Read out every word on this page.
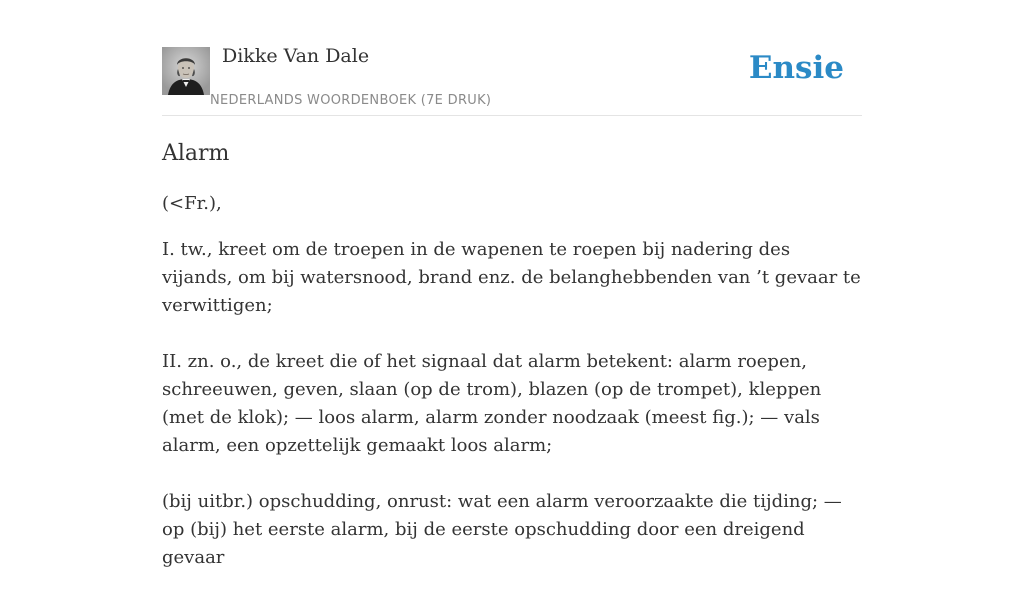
Dikke Van Dale
NEDERLANDS WOORDENBOEK (7E DRUK)
Ensie
Alarm

(<Fr.),

I. tw., kreet om de troepen in de wapenen te roepen bij nadering des vijands, om bij watersnood, brand enz. de belanghebbenden van ’t gevaar te verwittigen;

II. zn. o., de kreet die of het signaal dat alarm betekent: alarm roepen, schreeuwen, geven, slaan (op de trom), blazen (op de trompet), kleppen (met de klok); — loos alarm, alarm zonder noodzaak (meest fig.); — vals alarm, een opzettelijk gemaakt loos alarm;

(bij uitbr.) opschudding, onrust: wat een alarm veroorzaakte die tijding; — op (bij) het eerste alarm, bij de eerste opschudding door een dreigend gevaar
